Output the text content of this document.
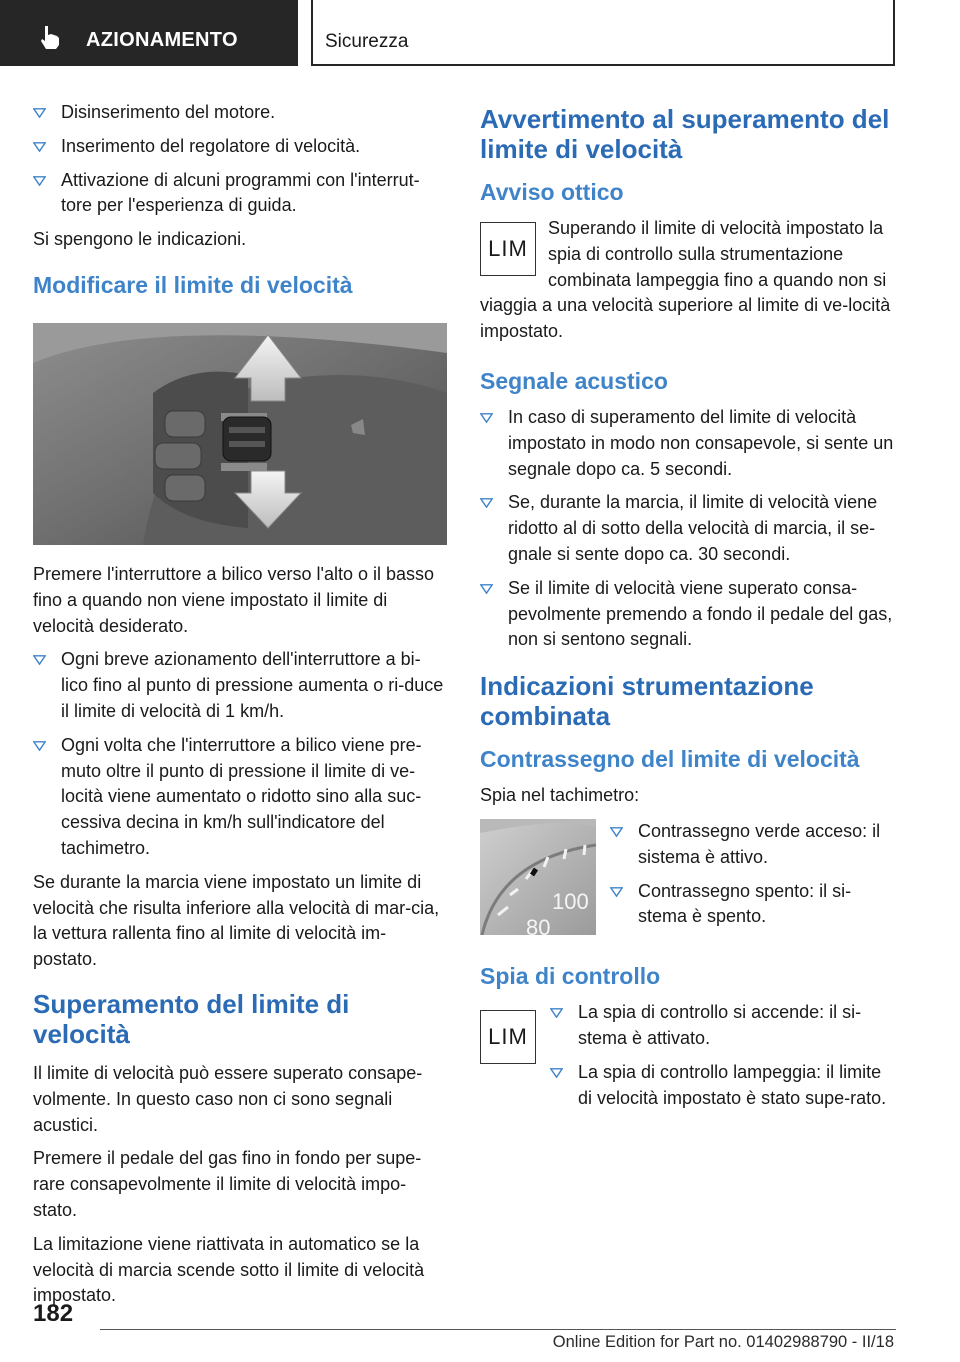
AZIONAMENTO	Sicurezza
Disinserimento del motore.
Inserimento del regolatore di velocità.
Attivazione di alcuni programmi con l'interrut-tore per l'esperienza di guida.

Si spengono le indicazioni.

Modificare il limite di velocità

Premere l'interruttore a bilico verso l'alto o il basso fino a quando non viene impostato il limite di velocità desiderato.

Ogni breve azionamento dell'interruttore a bi-lico fino al punto di pressione aumenta o ri-duce il limite di velocità di 1 km/h.
Ogni volta che l'interruttore a bilico viene pre-muto oltre il punto di pressione il limite di ve-locità viene aumentato o ridotto sino alla suc-cessiva decina in km/h sull'indicatore del tachimetro.

Se durante la marcia viene impostato un limite di velocità che risulta inferiore alla velocità di mar-cia, la vettura rallenta fino al limite di velocità im-postato.

Superamento del limite di velocità

Il limite di velocità può essere superato consape-volmente. In questo caso non ci sono segnali acustici.

Premere il pedale del gas fino in fondo per supe-rare consapevolmente il limite di velocità impo-stato.

La limitazione viene riattivata in automatico se la velocità di marcia scende sotto il limite di velocità impostato.

Avvertimento al superamento del limite di velocità
Avviso ottico
LIM

Superando il limite di velocità impostato la spia di controllo sulla strumentazione combinata lampeggia fino a quando non si viaggia a una velocità superiore al limite di ve-locità impostato.

Segnale acustico
In caso di superamento del limite di velocità impostato in modo non consapevole, si sente un segnale dopo ca. 5 secondi.
Se, durante la marcia, il limite di velocità viene ridotto al di sotto della velocità di marcia, il se-gnale si sente dopo ca. 30 secondi.
Se il limite di velocità viene superato consa-pevolmente premendo a fondo il pedale del gas, non si sentono segnali.
Indicazioni strumentazione combinata
Contrassegno del limite di velocità

Spia nel tachimetro:

100
80
Contrassegno verde acceso: il sistema è attivo.
Contrassegno spento: il si-stema è spento.
Spia di controllo
LIM
La spia di controllo si accende: il si-stema è attivato.
La spia di controllo lampeggia: il limite di velocità impostato è stato supe-rato.
182
Online Edition for Part no. 01402988790 - II/18
